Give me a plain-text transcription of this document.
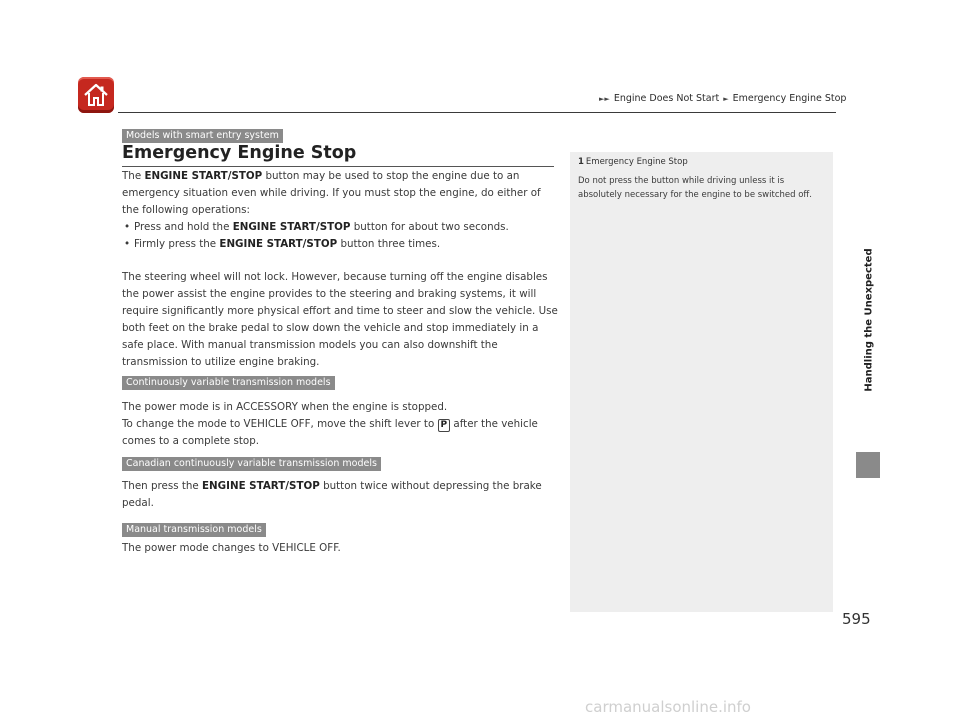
►► Engine Does Not Start ► Emergency Engine Stop
Models with smart entry system
Emergency Engine Stop

The ENGINE START/STOP button may be used to stop the engine due to an emergency situation even while driving. If you must stop the engine, do either of the following operations:

• Press and hold the ENGINE START/STOP button for about two seconds.
• Firmly press the ENGINE START/STOP button three times.

The steering wheel will not lock. However, because turning off the engine disables the power assist the engine provides to the steering and braking systems, it will require significantly more physical effort and time to steer and slow the vehicle. Use both feet on the brake pedal to slow down the vehicle and stop immediately in a safe place. With manual transmission models you can also downshift the transmission to utilize engine braking.

Continuously variable transmission models

The power mode is in ACCESSORY when the engine is stopped.

To change the mode to VEHICLE OFF, move the shift lever to P after the vehicle comes to a complete stop.

Canadian continuously variable transmission models

Then press the ENGINE START/STOP button twice without depressing the brake pedal.

Manual transmission models

The power mode changes to VEHICLE OFF.

1 Emergency Engine Stop
Do not press the button while driving unless it is absolutely necessary for the engine to be switched off.
Handling the Unexpected
595
carmanualsonline.info
